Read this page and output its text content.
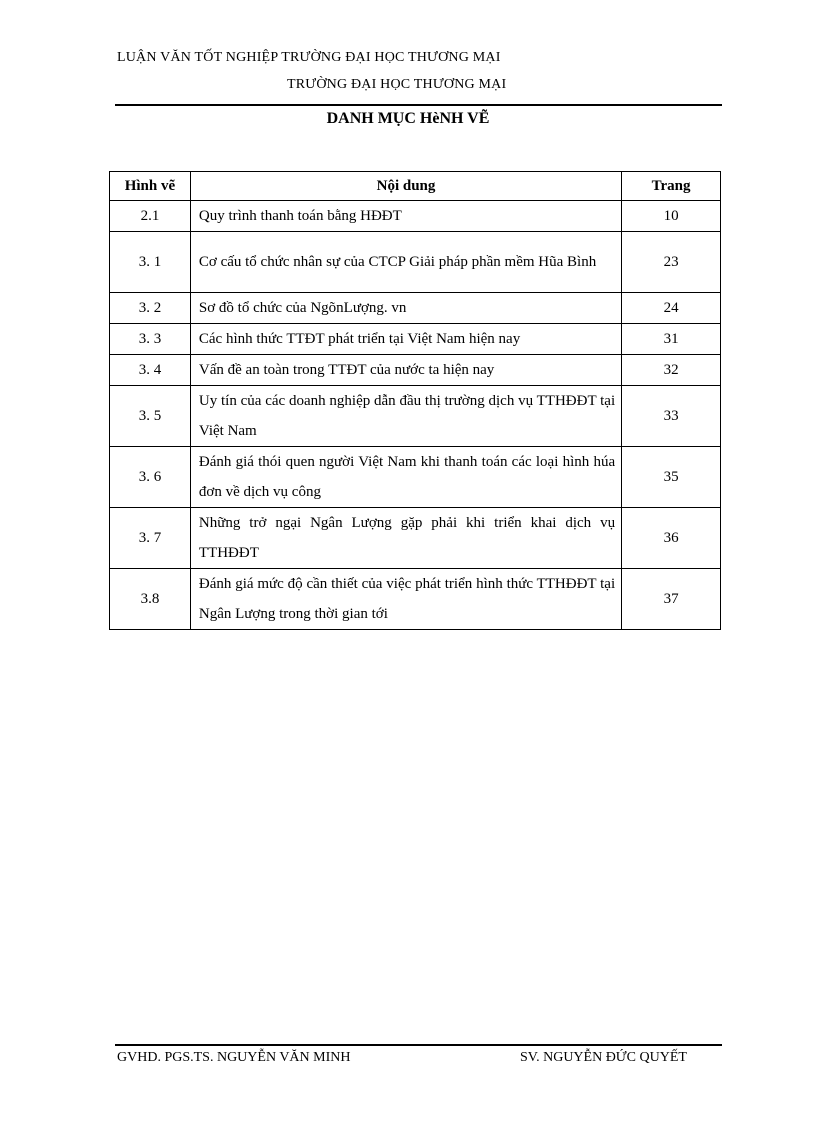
LUẬN VĂN TỐT NGHIỆP TRƯỜNG ĐẠI HỌC THƯƠNG MẠI
TRƯỜNG ĐẠI HỌC THƯƠNG MẠI
DANH MỤC HèNH VẼ
Hình vẽ	Nội dung	Trang
2.1	Quy trình thanh toán bằng HĐĐT	10
3. 1	Cơ cấu tổ chức nhân sự của CTCP Giải pháp phần mềm Hũa Bình	23
3. 2	Sơ đồ tổ chức của NgõnLượng. vn	24
3. 3	Các hình thức TTĐT phát triển tại Việt Nam hiện nay	31
3. 4	Vấn đề an toàn trong TTĐT của nước ta hiện nay	32
3. 5	Uy tín của các doanh nghiệp dẫn đầu thị trường dịch vụ TTHĐĐT tại Việt Nam	33
3. 6	Đánh giá thói quen người Việt Nam khi thanh toán các loại hình húa đơn về dịch vụ công	35
3. 7	Những trở ngại Ngân Lượng gặp phải khi triển khai dịch vụ TTHĐĐT	36
3.8	Đánh giá mức độ cần thiết của việc phát triển hình thức TTHĐĐT tại Ngân Lượng trong thời gian tới	37
GVHD. PGS.TS. NGUYỄN VĂN MINH	SV. NGUYỄN ĐỨC QUYẾT
